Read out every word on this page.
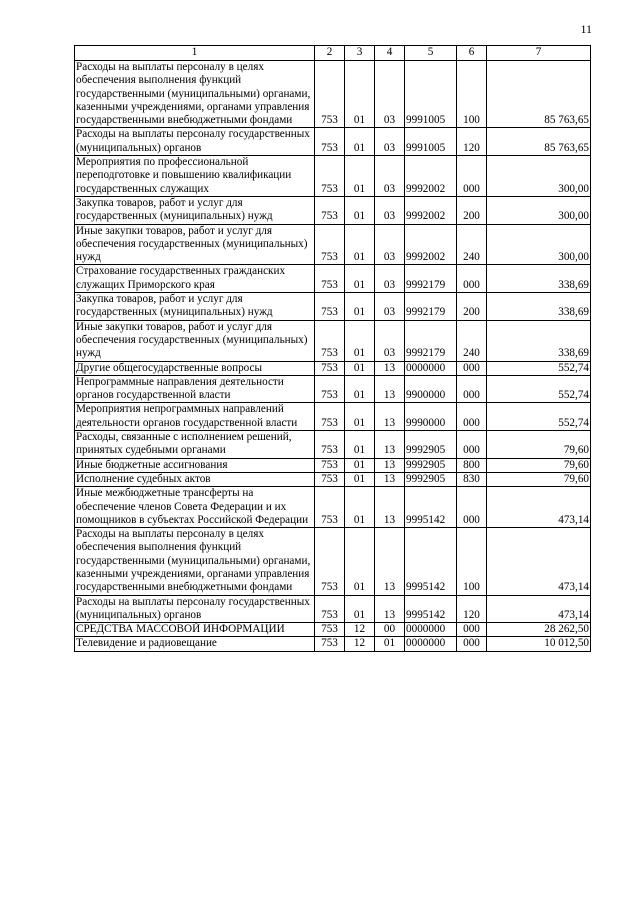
11
1	2	3	4	5	6	7
Расходы на выплаты персоналу в целях обеспечения выполнения функций государственными (муниципальными) органами, казенными учреждениями, органами управления государственными внебюджетными фондами	753	01	03	9991005	100	85 763,65
Расходы на выплаты персоналу государственных (муниципальных) органов	753	01	03	9991005	120	85 763,65
Мероприятия по профессиональной переподготовке и повышению квалификации государственных служащих	753	01	03	9992002	000	300,00
Закупка товаров, работ и услуг для государственных (муниципальных) нужд	753	01	03	9992002	200	300,00
Иные закупки товаров, работ и услуг для обеспечения государственных (муниципальных) нужд	753	01	03	9992002	240	300,00
Страхование государственных гражданских служащих Приморского края	753	01	03	9992179	000	338,69
Закупка товаров, работ и услуг для государственных (муниципальных) нужд	753	01	03	9992179	200	338,69
Иные закупки товаров, работ и услуг для обеспечения государственных (муниципальных) нужд	753	01	03	9992179	240	338,69
Другие общегосударственные вопросы	753	01	13	0000000	000	552,74
Непрограммные направления деятельности органов государственной власти	753	01	13	9900000	000	552,74
Мероприятия непрограммных направлений деятельности органов государственной власти	753	01	13	9990000	000	552,74
Расходы, связанные с исполнением решений, принятых судебными органами	753	01	13	9992905	000	79,60
Иные бюджетные ассигнования	753	01	13	9992905	800	79,60
Исполнение судебных актов	753	01	13	9992905	830	79,60
Иные межбюджетные трансферты на обеспечение членов Совета Федерации и их помощников в субъектах Российской Федерации	753	01	13	9995142	000	473,14
Расходы на выплаты персоналу в целях обеспечения выполнения функций государственными (муниципальными) органами, казенными учреждениями, органами управления государственными внебюджетными фондами	753	01	13	9995142	100	473,14
Расходы на выплаты персоналу государственных (муниципальных) органов	753	01	13	9995142	120	473,14
СРЕДСТВА МАССОВОЙ ИНФОРМАЦИИ	753	12	00	0000000	000	28 262,50
Телевидение и радиовещание	753	12	01	0000000	000	10 012,50
